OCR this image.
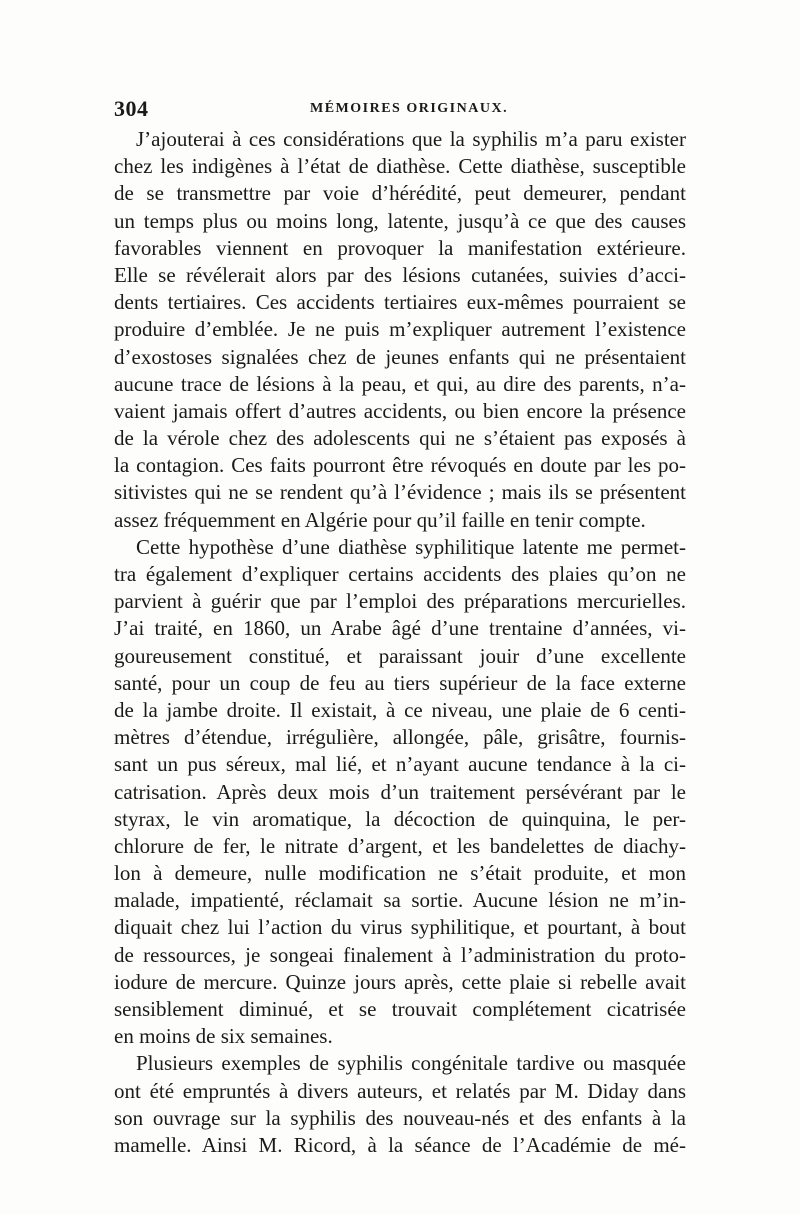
304	MÉMOIRES ORIGINAUX.
J’ajouterai à ces considérations que la syphilis m’a paru exister
chez les indigènes à l’état de diathèse. Cette diathèse, susceptible
de se transmettre par voie d’hérédité, peut demeurer, pendant
un temps plus ou moins long, latente, jusqu’à ce que des causes
favorables viennent en provoquer la manifestation extérieure.
Elle se révélerait alors par des lésions cutanées, suivies d’acci-
dents tertiaires. Ces accidents tertiaires eux-mêmes pourraient se
produire d’emblée. Je ne puis m’expliquer autrement l’existence
d’exostoses signalées chez de jeunes enfants qui ne présentaient
aucune trace de lésions à la peau, et qui, au dire des parents, n’a-
vaient jamais offert d’autres accidents, ou bien encore la présence
de la vérole chez des adolescents qui ne s’étaient pas exposés à
la contagion. Ces faits pourront être révoqués en doute par les po-
sitivistes qui ne se rendent qu’à l’évidence ; mais ils se présentent
assez fréquemment en Algérie pour qu’il faille en tenir compte.
Cette hypothèse d’une diathèse syphilitique latente me permet-
tra également d’expliquer certains accidents des plaies qu’on ne
parvient à guérir que par l’emploi des préparations mercurielles.
J’ai traité, en 1860, un Arabe âgé d’une trentaine d’années, vi-
goureusement constitué, et paraissant jouir d’une excellente
santé, pour un coup de feu au tiers supérieur de la face externe
de la jambe droite. Il existait, à ce niveau, une plaie de 6 centi-
mètres d’étendue, irrégulière, allongée, pâle, grisâtre, fournis-
sant un pus séreux, mal lié, et n’ayant aucune tendance à la ci-
catrisation. Après deux mois d’un traitement persévérant par le
styrax, le vin aromatique, la décoction de quinquina, le per-
chlorure de fer, le nitrate d’argent, et les bandelettes de diachy-
lon à demeure, nulle modification ne s’était produite, et mon
malade, impatienté, réclamait sa sortie. Aucune lésion ne m’in-
diquait chez lui l’action du virus syphilitique, et pourtant, à bout
de ressources, je songeai finalement à l’administration du proto-
iodure de mercure. Quinze jours après, cette plaie si rebelle avait
sensiblement diminué, et se trouvait complétement cicatrisée
en moins de six semaines.
Plusieurs exemples de syphilis congénitale tardive ou masquée
ont été empruntés à divers auteurs, et relatés par M. Diday dans
son ouvrage sur la syphilis des nouveau-nés et des enfants à la
mamelle. Ainsi M. Ricord, à la séance de l’Académie de mé-
